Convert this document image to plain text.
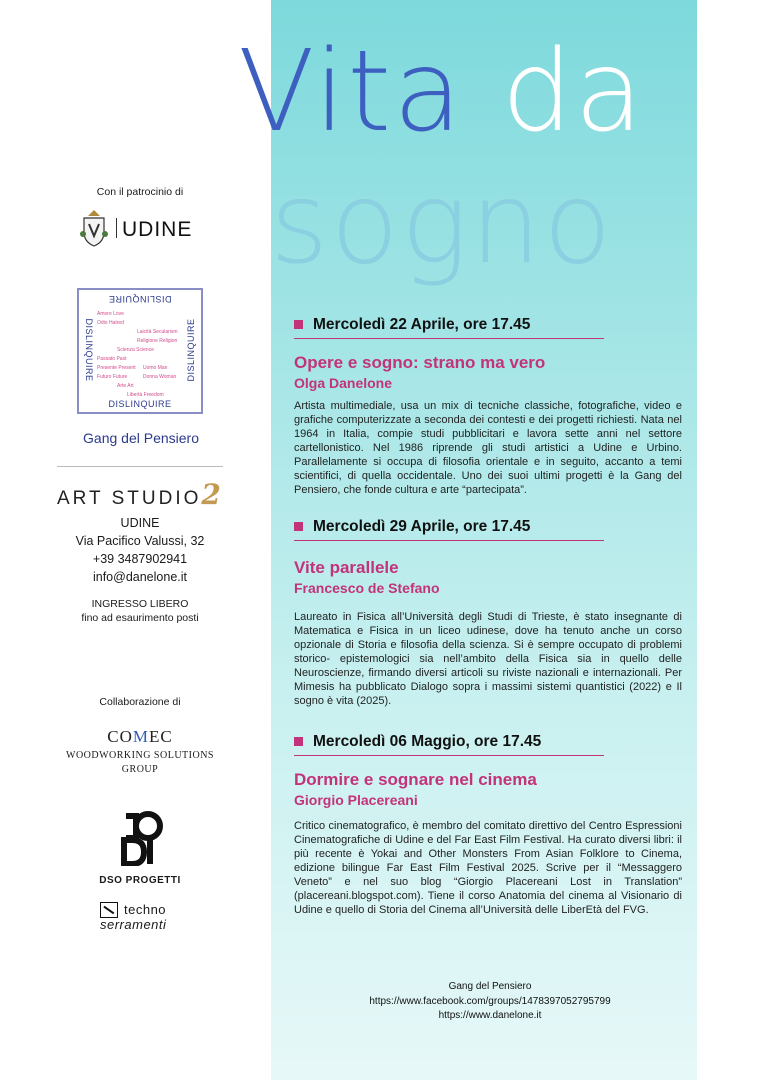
Vita da
sogno
Con il patrocinio di
UDINE
DISLINQUIRE
DISLINQUIRE	DISLINQUIRE
DISLINQUIRE
Amore Love
Odio Hatred
Laicità Secularism
Religione Religion
Scienza Science
Passato Past
Presente Present
Futuro Future
Uomo Man
Donna Woman
Arte Art
Libertà Freedom
Gang del Pensiero
ART STUDIO2
UDINE
Via Pacifico Valussi, 32
+39 3487902941
info@danelone.it
INGRESSO LIBERO
fino ad esaurimento posti
Collaborazione di
COMEC
WOODWORKING SOLUTIONS
GROUP
DSO PROGETTI
techno
serramenti
Mercoledì 22 Aprile, ore 17.45
Opere e sogno: strano ma vero
Olga Danelone
Artista multimediale, usa un mix di tecniche classiche, fotografiche, video e grafiche computerizzate a seconda dei contesti e dei progetti richiesti. Nata nel 1964 in Italia, compie studi pubblicitari e lavora sette anni nel settore cartellonistico. Nel 1986 riprende gli studi artistici a Udine e Urbino. Parallelamente si occupa di filosofia orientale e in seguito, accanto a temi scientifici, di quella occidentale. Uno dei suoi ultimi progetti è la Gang del Pensiero, che fonde cultura e arte “partecipata”.
Mercoledì 29 Aprile, ore 17.45
Vite parallele
Francesco de Stefano
Laureato in Fisica all’Università degli Studi di Trieste, è stato insegnante di Matematica e Fisica in un liceo udinese, dove ha tenuto anche un corso opzionale di Storia e filosofia della scienza. Si è sempre occupato di problemi storico- epistemologici sia nell’ambito della Fisica sia in quello delle Neuroscienze, firmando diversi articoli su riviste nazionali e internazionali. Per Mimesis ha pubblicato Dialogo sopra i massimi sistemi quantistici (2022) e Il sogno è vita (2025).
Mercoledì 06 Maggio, ore 17.45
Dormire e sognare nel cinema
Giorgio Placereani
Critico cinematografico, è membro del comitato direttivo del Centro Espressioni Cinematografiche di Udine e del Far East Film Festival. Ha curato diversi libri: il più recente è Yokai and Other Monsters From Asian Folklore to Cinema, edizione bilingue Far East Film Festival 2025. Scrive per il “Messaggero Veneto” e nel suo blog “Giorgio Placereani Lost in Translation” (placereani.blogspot.com). Tiene il corso Anatomia del cinema al Visionario di Udine e quello di Storia del Cinema all’Università delle LiberEtà del FVG.
Gang del Pensiero
https://www.facebook.com/groups/1478397052795799
https://www.danelone.it
